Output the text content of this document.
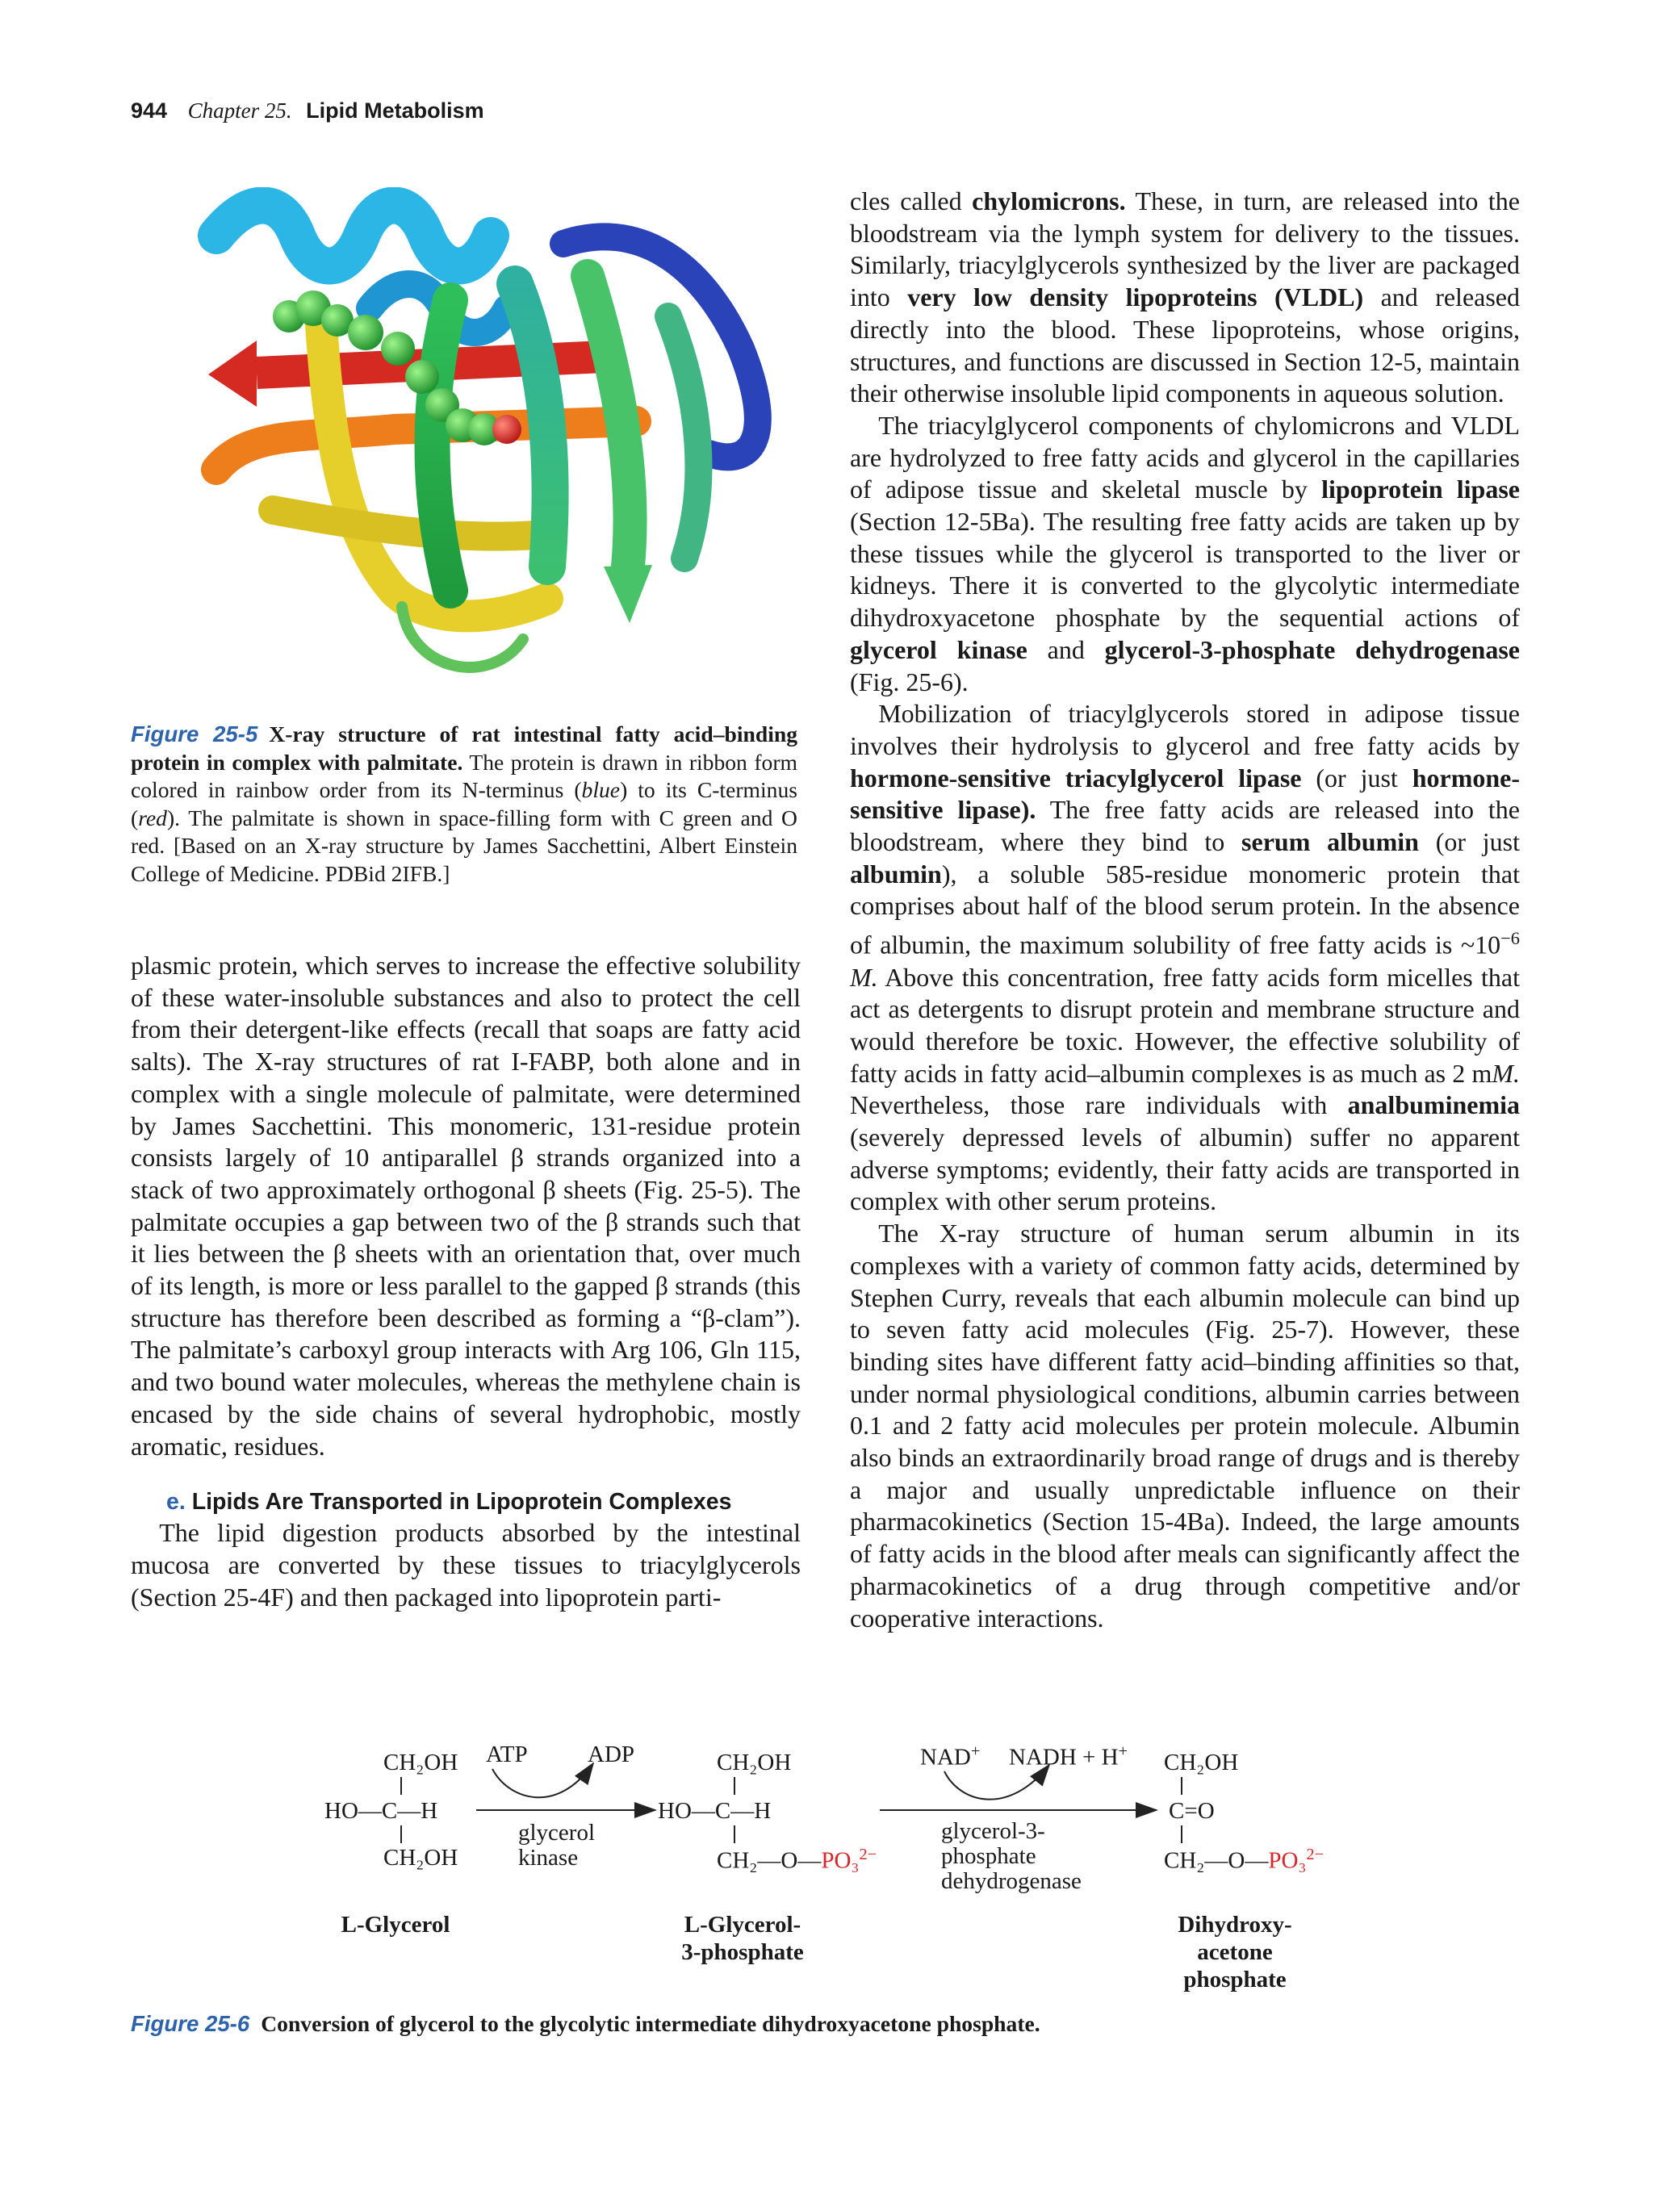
944 Chapter 25. Lipid Metabolism
Figure 25-5 X-ray structure of rat intestinal fatty acid–binding protein in complex with palmitate. The protein is drawn in ribbon form colored in rainbow order from its N-terminus (blue) to its C-terminus (red). The palmitate is shown in space-filling form with C green and O red. [Based on an X-ray structure by James Sacchettini, Albert Einstein College of Medicine. PDBid 2IFB.]

plasmic protein, which serves to increase the effective solubility of these water-insoluble substances and also to protect the cell from their detergent-like effects (recall that soaps are fatty acid salts). The X-ray structures of rat I-FABP, both alone and in complex with a single molecule of palmitate, were determined by James Sacchettini. This monomeric, 131-residue protein consists largely of 10 antiparallel β strands organized into a stack of two approximately orthogonal β sheets (Fig. 25-5). The palmitate occupies a gap between two of the β strands such that it lies between the β sheets with an orientation that, over much of its length, is more or less parallel to the gapped β strands (this structure has therefore been described as forming a “β-clam”). The palmitate’s carboxyl group interacts with Arg 106, Gln 115, and two bound water molecules, whereas the methylene chain is encased by the side chains of several hydrophobic, mostly aromatic, residues.

e. Lipids Are Transported in Lipoprotein Complexes

The lipid digestion products absorbed by the intestinal mucosa are converted by these tissues to triacylglycerols (Section 25-4F) and then packaged into lipoprotein parti-

cles called chylomicrons. These, in turn, are released into the bloodstream via the lymph system for delivery to the tissues. Similarly, triacylglycerols synthesized by the liver are packaged into very low density lipoproteins (VLDL) and released directly into the blood. These lipoproteins, whose origins, structures, and functions are discussed in Section 12-5, maintain their otherwise insoluble lipid components in aqueous solution.

The triacylglycerol components of chylomicrons and VLDL are hydrolyzed to free fatty acids and glycerol in the capillaries of adipose tissue and skeletal muscle by lipoprotein lipase (Section 12-5Ba). The resulting free fatty acids are taken up by these tissues while the glycerol is transported to the liver or kidneys. There it is converted to the glycolytic intermediate dihydroxyacetone phosphate by the sequential actions of glycerol kinase and glycerol-3-phosphate dehydrogenase (Fig. 25-6).

Mobilization of triacylglycerols stored in adipose tissue involves their hydrolysis to glycerol and free fatty acids by hormone-sensitive triacylglycerol lipase (or just hormone-sensitive lipase). The free fatty acids are released into the bloodstream, where they bind to serum albumin (or just albumin), a soluble 585-residue monomeric protein that comprises about half of the blood serum protein. In the absence of albumin, the maximum solubility of free fatty acids is $\sim 10^{-6}$ M. Above this concentration, free fatty acids form micelles that act as detergents to disrupt protein and membrane structure and would therefore be toxic. However, the effective solubility of fatty acids in fatty acid–albumin complexes is as much as 2 mM. Nevertheless, those rare individuals with analbuminemia (severely depressed levels of albumin) suffer no apparent adverse symptoms; evidently, their fatty acids are transported in complex with other serum proteins.

The X-ray structure of human serum albumin in its complexes with a variety of common fatty acids, determined by Stephen Curry, reveals that each albumin molecule can bind up to seven fatty acid molecules (Fig. 25-7). However, these binding sites have different fatty acid–binding affinities so that, under normal physiological conditions, albumin carries between 0.1 and 2 fatty acid molecules per protein molecule. Albumin also binds an extraordinarily broad range of drugs and is thereby a major and usually unpredictable influence on their pharmacokinetics (Section 15-4Ba). Indeed, the large amounts of fatty acids in the blood after meals can significantly affect the pharmacokinetics of a drug through competitive and/or cooperative interactions.

CH₂OH
HO—C—H
CH₂OH
ATP	ADP
glycerol
kinase
CH₂OH
HO—C—H
CH₂—O—PO₃$^{2-}$
NAD+ NADH + H+
glycerol-3-
phosphate
dehydrogenase
CH₂OH
C=O
CH₂—O—PO₃$^{2-}$
L-Glycerol	L-Glycerol-
3-phosphate
Dihydroxy-
acetone
phosphate
Figure 25-6 Conversion of glycerol to the glycolytic intermediate dihydroxyacetone phosphate.
